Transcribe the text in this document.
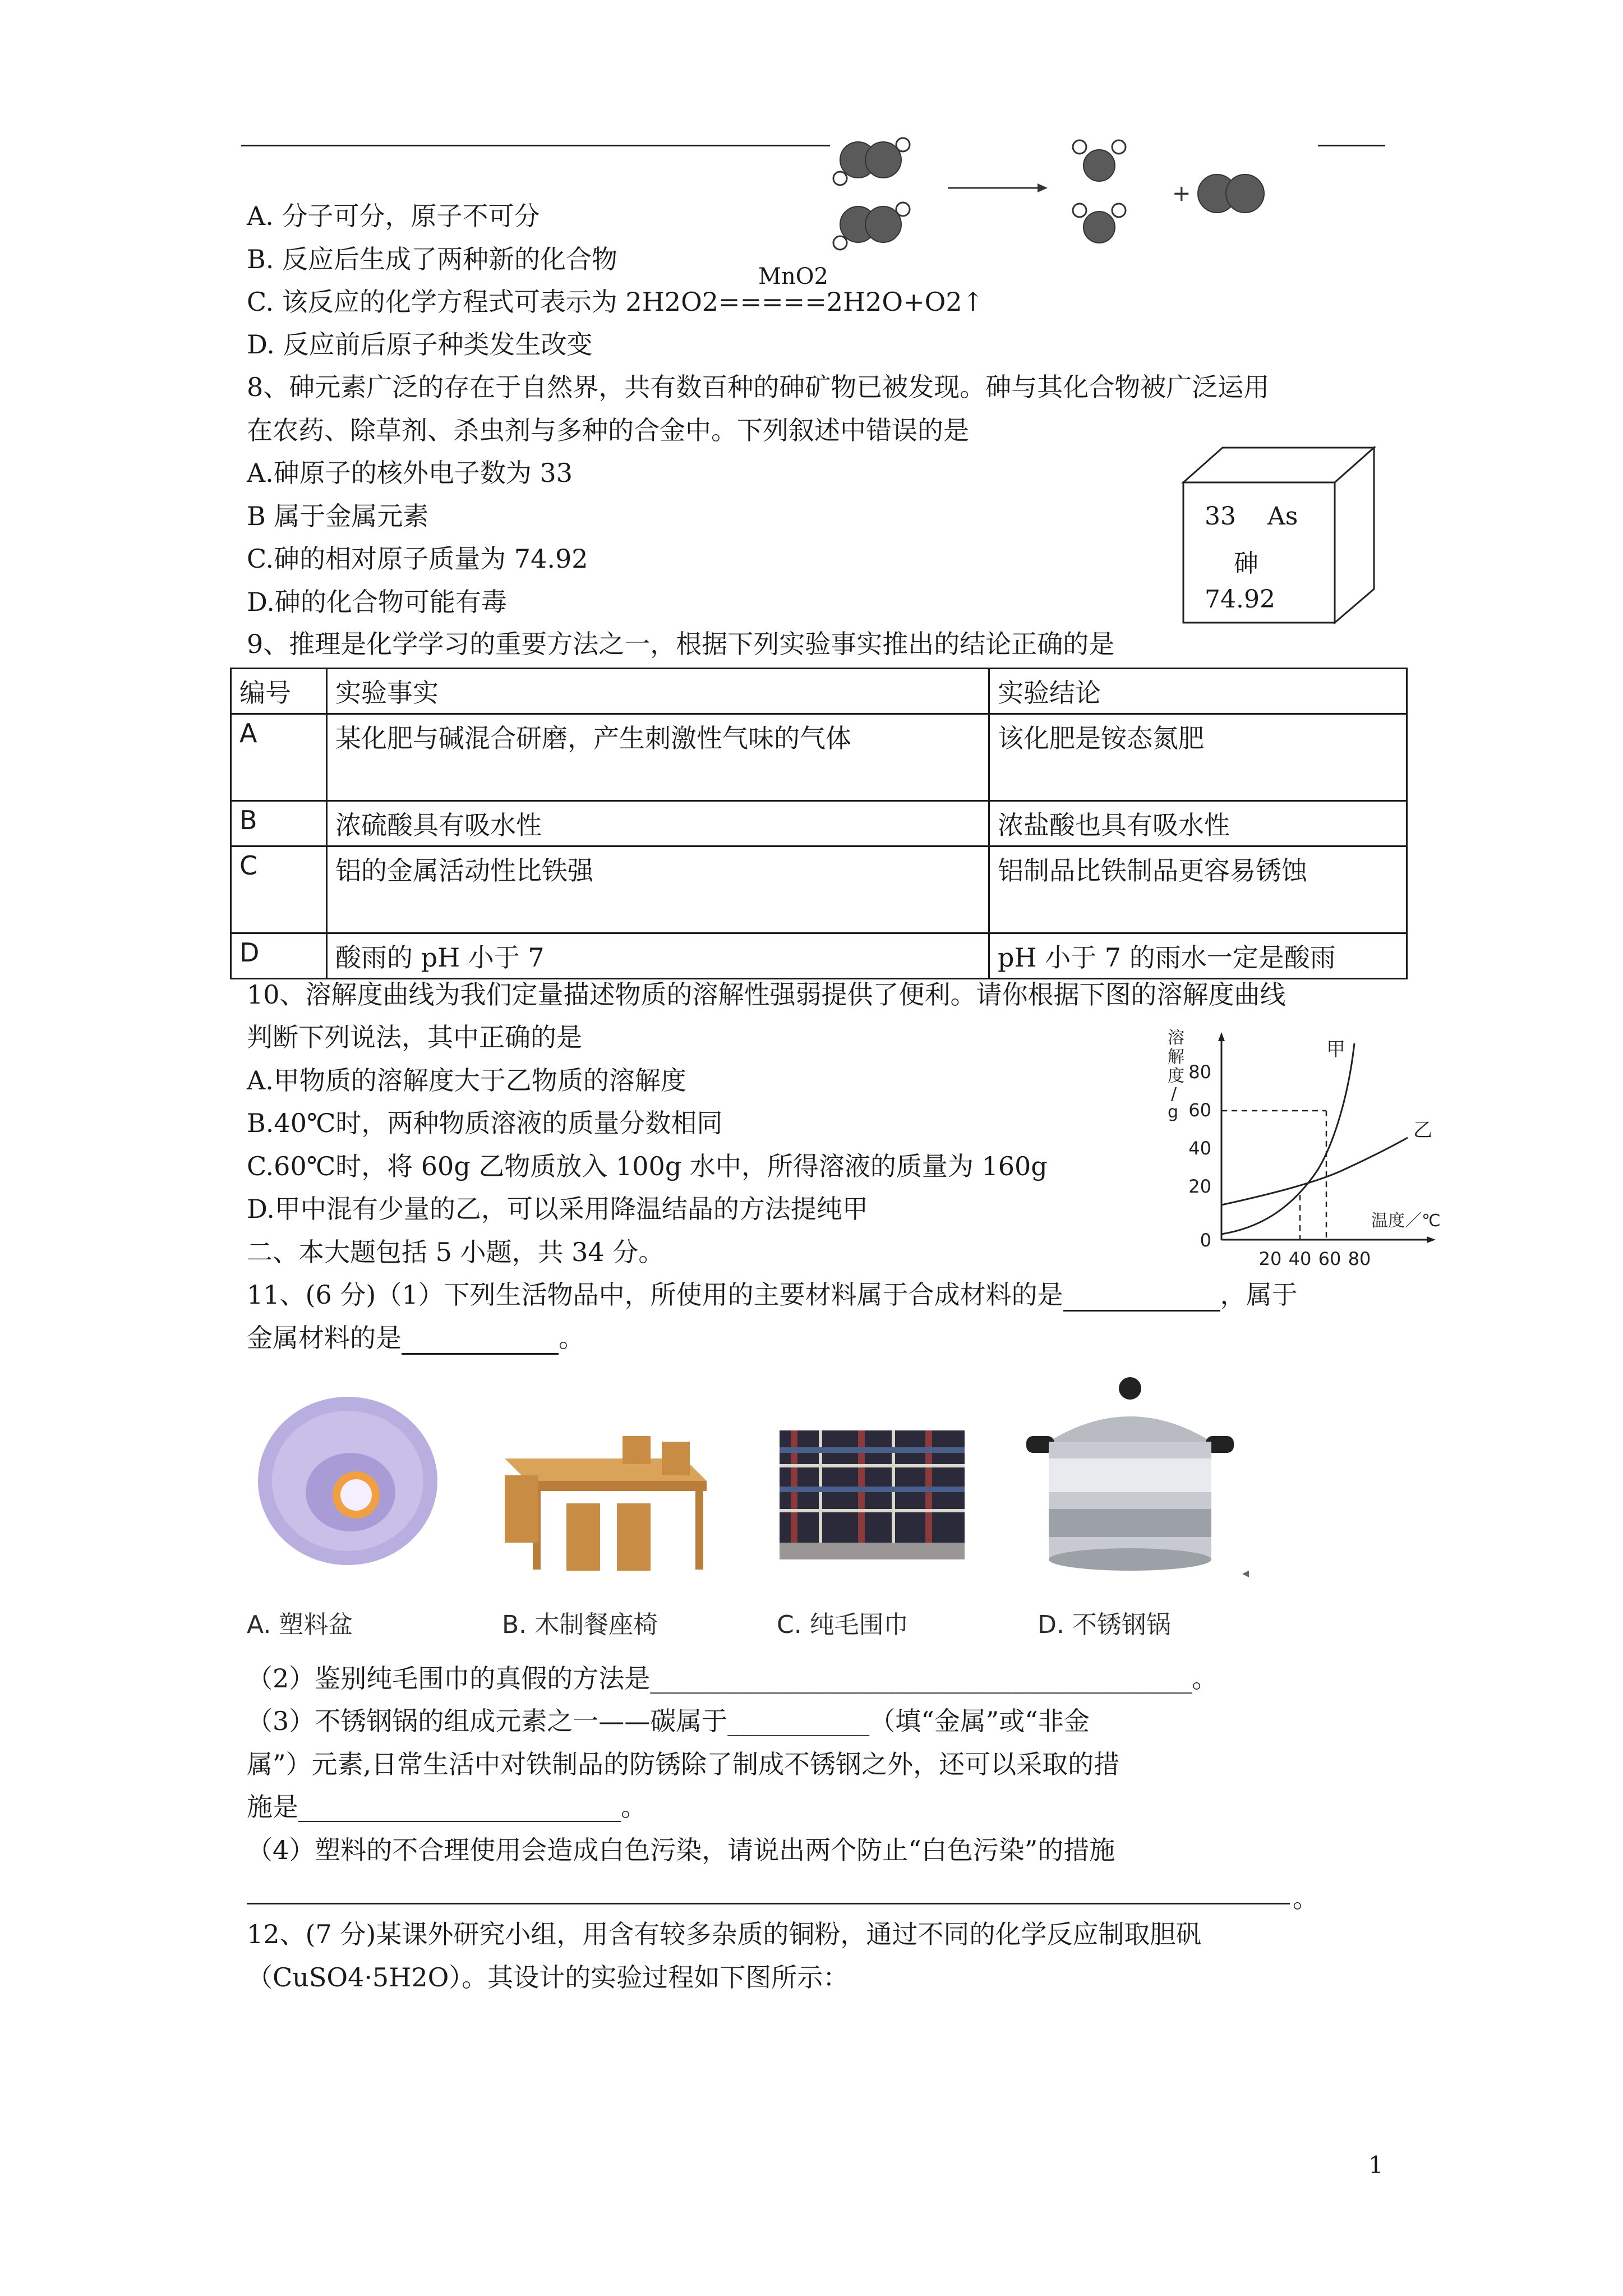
+
A. 分子可分，原子不可分
B. 反应后生成了两种新的化合物
MnO2
C. 该反应的化学方程式可表示为 2H2O2=====2H2O+O2↑
D. 反应前后原子种类发生改变
8、砷元素广泛的存在于自然界，共有数百种的砷矿物已被发现。砷与其化合物被广泛运用
在农药、除草剂、杀虫剂与多种的合金中。下列叙述中错误的是
A.砷原子的核外电子数为 33
B 属于金属元素
C.砷的相对原子质量为 74.92
D.砷的化合物可能有毒
33 As
砷
74.92
9、推理是化学学习的重要方法之一，根据下列实验事实推出的结论正确的是
编号	实验事实	实验结论
A	某化肥与碱混合研磨，产生刺激性气味的气体	该化肥是铵态氮肥
B	浓硫酸具有吸水性	浓盐酸也具有吸水性
C	铝的金属活动性比铁强	铝制品比铁制品更容易锈蚀
D	酸雨的 pH 小于 7	pH 小于 7 的雨水一定是酸雨
10、溶解度曲线为我们定量描述物质的溶解性强弱提供了便利。请你根据下图的溶解度曲线
判断下列说法，其中正确的是
A.甲物质的溶解度大于乙物质的溶解度
B.40℃时，两种物质溶液的质量分数相同
C.60℃时，将 60g 乙物质放入 100g 水中，所得溶液的质量为 160g
D.甲中混有少量的乙，可以采用降温结晶的方法提纯甲
溶
解
度
/
g
80
60
40
20
0
20 40 60 80
温度／℃
甲
乙
二、本大题包括 5 小题，共 34 分。
11、(6 分)（1）下列生活物品中，所使用的主要材料属于合成材料的是	，属于
金属材料的是	。
◂
A. 塑料盆	B. 木制餐座椅	C. 纯毛围巾	D. 不锈钢锅
（2）鉴别纯毛围巾的真假的方法是__________________________________________。
（3）不锈钢锅的组成元素之一——碳属于___________（填“金属”或“非金
属”）元素,日常生活中对铁制品的防锈除了制成不锈钢之外，还可以采取的措
施是_________________________。
（4）塑料的不合理使用会造成白色污染，请说出两个防止“白色污染”的措施
。
12、(7 分)某课外研究小组，用含有较多杂质的铜粉，通过不同的化学反应制取胆矾
（CuSO4·5H2O）。其设计的实验过程如下图所示：
1
